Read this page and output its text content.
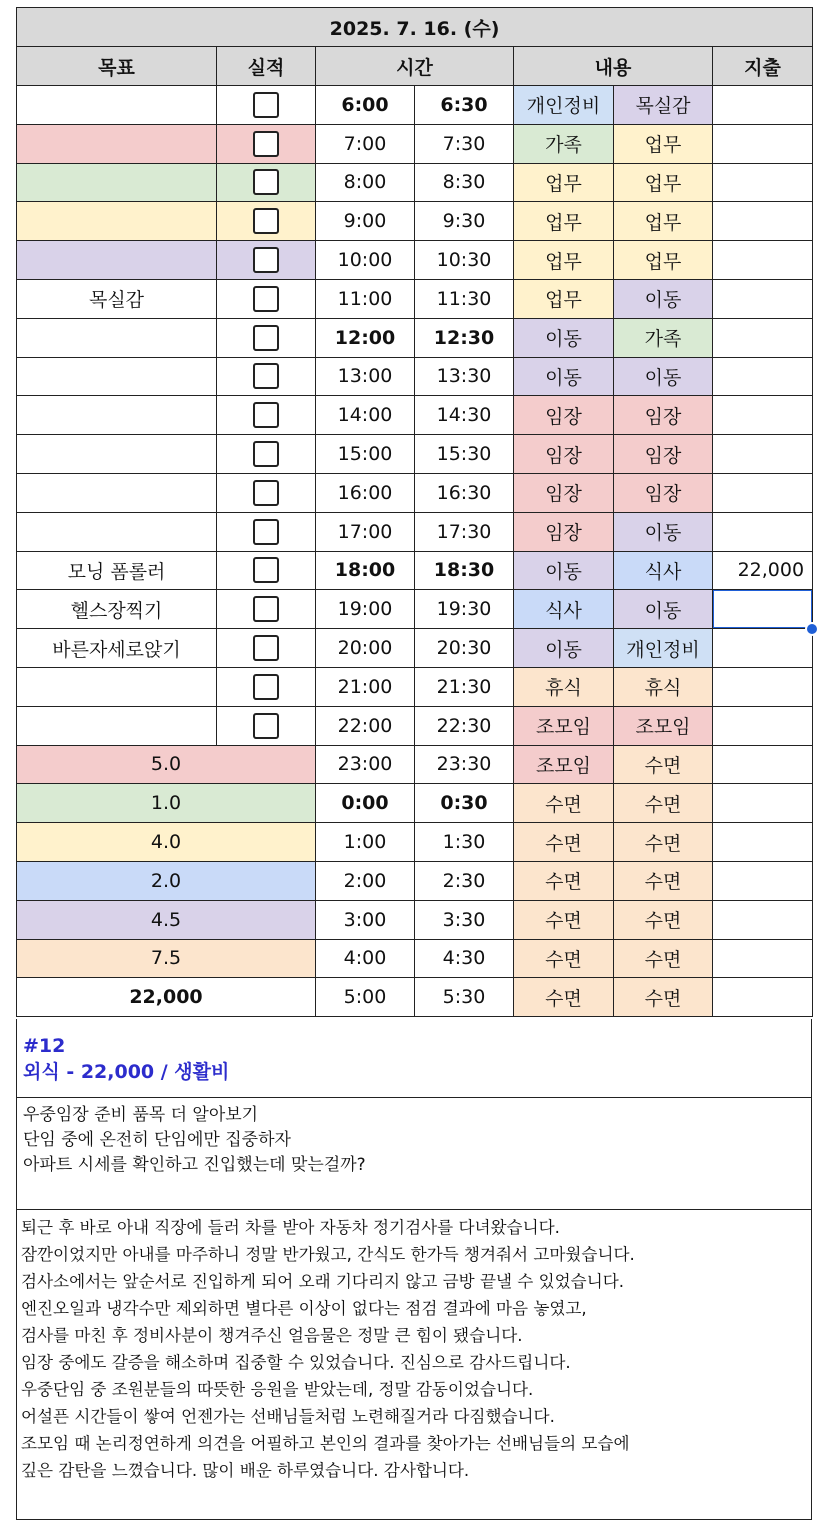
2025. 7. 16. (수)						
목표	실적	시간		내용		지출
		6:00	6:30	개인정비	목실감	
		7:00	7:30	가족	업무	
		8:00	8:30	업무	업무	
		9:00	9:30	업무	업무	
		10:00	10:30	업무	업무	
목실감		11:00	11:30	업무	이동	
		12:00	12:30	이동	가족	
		13:00	13:30	이동	이동	
		14:00	14:30	임장	임장	
		15:00	15:30	임장	임장	
		16:00	16:30	임장	임장	
		17:00	17:30	임장	이동	
모닝 폼롤러		18:00	18:30	이동	식사	22,000
헬스장찍기		19:00	19:30	식사	이동	
바른자세로앉기		20:00	20:30	이동	개인정비	
		21:00	21:30	휴식	휴식	
		22:00	22:30	조모임	조모임	
5.0		23:00	23:30	조모임	수면	
1.0		0:00	0:30	수면	수면	
4.0		1:00	1:30	수면	수면	
2.0		2:00	2:30	수면	수면	
4.5		3:00	3:30	수면	수면	
7.5		4:00	4:30	수면	수면	
22,000		5:00	5:30	수면	수면	
#12
외식 - 22,000 / 생활비
우중임장 준비 품목 더 알아보기
단임 중에 온전히 단임에만 집중하자
아파트 시세를 확인하고 진입했는데 맞는걸까?
퇴근 후 바로 아내 직장에 들러 차를 받아 자동차 정기검사를 다녀왔습니다.
잠깐이었지만 아내를 마주하니 정말 반가웠고, 간식도 한가득 챙겨줘서 고마웠습니다.
검사소에서는 앞순서로 진입하게 되어 오래 기다리지 않고 금방 끝낼 수 있었습니다.
엔진오일과 냉각수만 제외하면 별다른 이상이 없다는 점검 결과에 마음 놓였고,
검사를 마친 후 정비사분이 챙겨주신 얼음물은 정말 큰 힘이 됐습니다.
임장 중에도 갈증을 해소하며 집중할 수 있었습니다. 진심으로 감사드립니다.
우중단임 중 조원분들의 따뜻한 응원을 받았는데, 정말 감동이었습니다.
어설픈 시간들이 쌓여 언젠가는 선배님들처럼 노련해질거라 다짐했습니다.
조모임 때 논리정연하게 의견을 어필하고 본인의 결과를 찾아가는 선배님들의 모습에
깊은 감탄을 느꼈습니다. 많이 배운 하루였습니다. 감사합니다.
